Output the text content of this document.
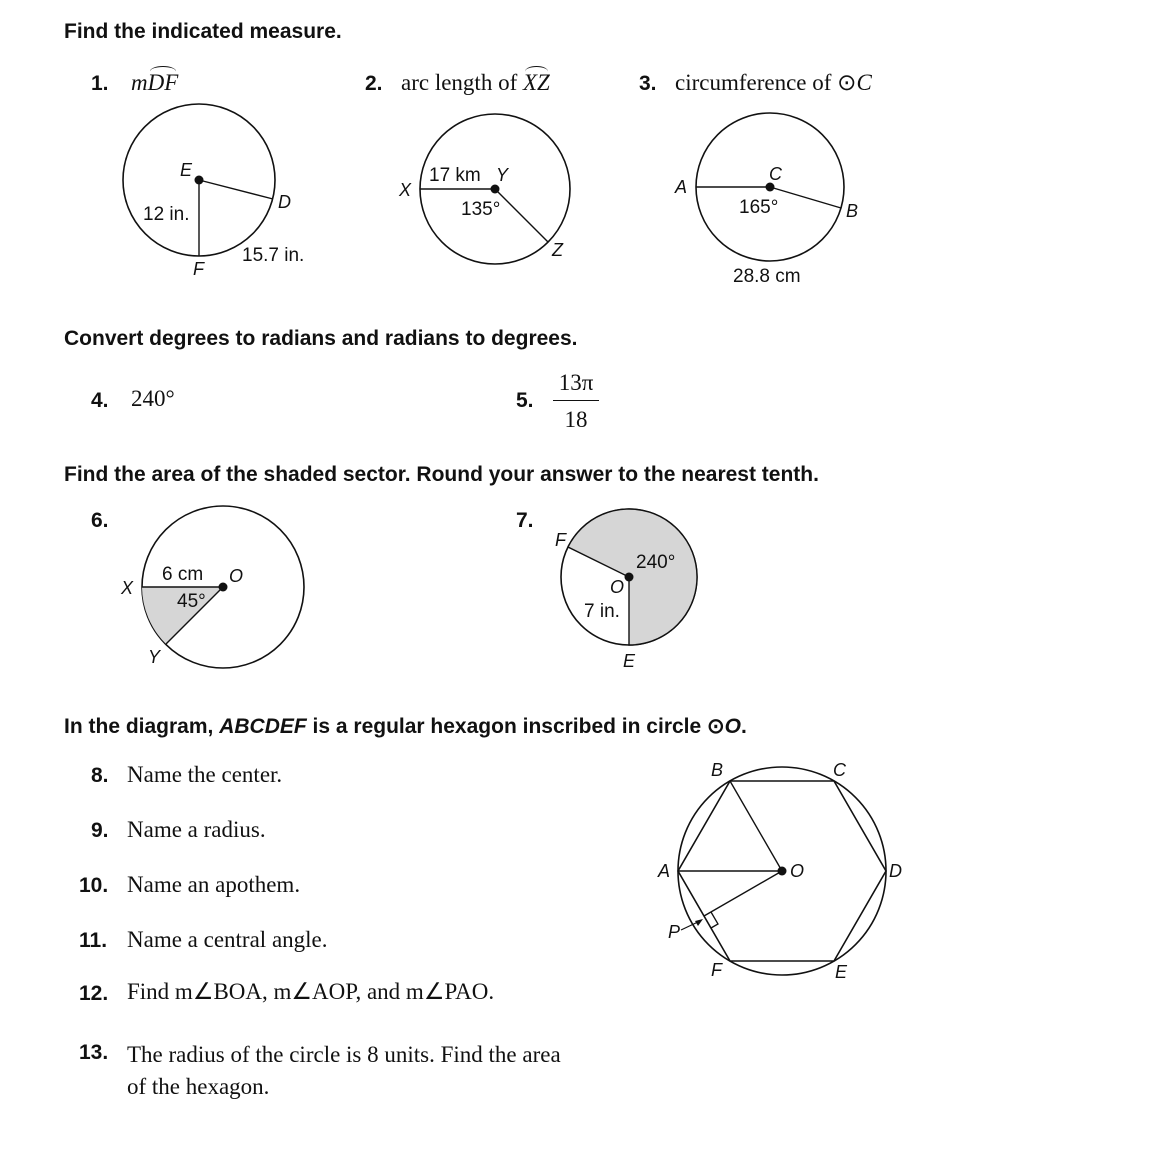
Find the indicated measure.
1. mDF	2. arc length of XZ	3. circumference of ⊙C
E
D
F
12 in.
15.7 in.
X
Y
Z
17 km
135°
A
C
B
165°
28.8 cm
X
O
Y
6 cm
45°
F
O
E
240°
7 in.
B	C
A	O	D
P
F	E
Convert degrees to radians and radians to degrees.
4. 240°	5.
13π
18
Find the area of the shaded sector. Round your answer to the nearest tenth.
6.	7.
In the diagram, ABCDEF is a regular hexagon inscribed in circle ⊙O.
8. Name the center.
9. Name a radius.
10. Name an apothem.
11. Name a central angle.
12. Find m∠BOA, m∠AOP, and m∠PAO.
13. The radius of the circle is 8 units. Find the area of the hexagon.
